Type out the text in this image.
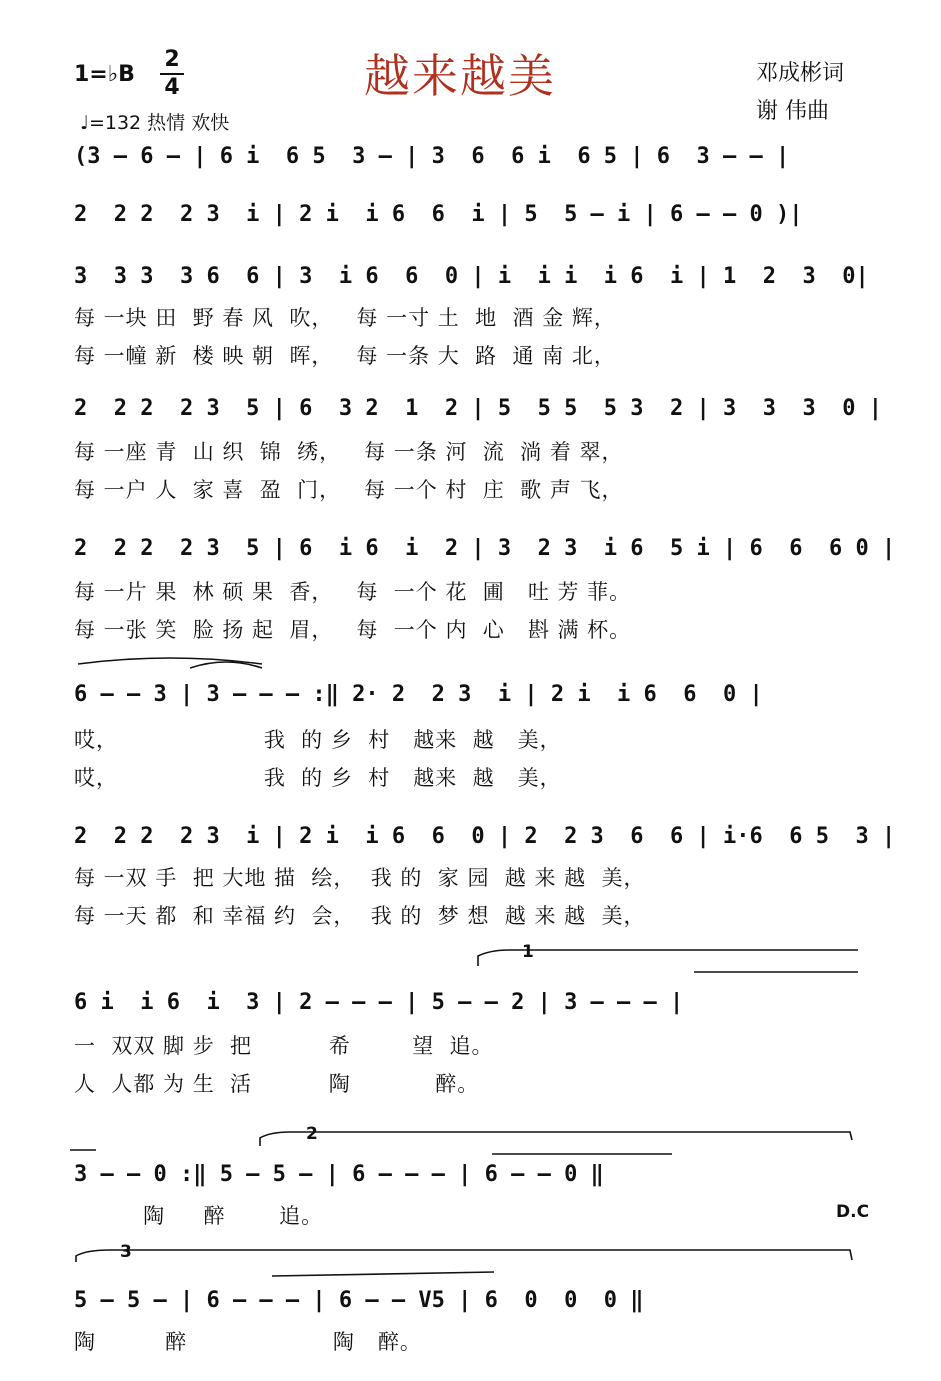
越来越美
1=♭B
2
4
♩=132 热情 欢快
邓成彬词
谢 伟曲
(3 — 6 — | 6 i  6 5  3 — | 3  6  6 i  6 5 | 6  3 — — |
2  2 2  2 3  i | 2 i  i 6  6  i | 5  5 — i | 6 — — 0 )|
3  3 3  3 6  6 | 3  i 6  6  0 | i  i i  i 6  i | 1  2  3  0|
每 一块 田  野 春 风  吹，   每 一寸 土  地  酒 金 辉，
每 一幢 新  楼 映 朝  晖，   每 一条 大  路  通 南 北，
2  2 2  2 3  5 | 6  3 2  1  2 | 5  5 5  5 3  2 | 3  3  3  0 |
每 一座 青  山 织  锦  绣，   每 一条 河  流  淌 着 翠，
每 一户 人  家 喜  盈  门，   每 一个 村  庄  歌 声 飞，
2  2 2  2 3  5 | 6  i 6  i  2 | 3  2 3  i 6  5 i | 6  6  6 0 |
每 一片 果  林 硕 果  香，   每  一个 花  圃   吐 芳 菲。
每 一张 笑  脸 扬 起  眉，   每  一个 内  心   斟 满 杯。
6 — — 3 | 3 — — — :‖ 2· 2  2 3  i | 2 i  i 6  6  0 |
哎，                   我  的 乡  村   越来  越   美，
哎，                   我  的 乡  村   越来  越   美，
2  2 2  2 3  i | 2 i  i 6  6  0 | 2  2 3  6  6 | i·6  6 5  3 |
每 一双 手  把 大地 描  绘，  我 的  家 园  越 来 越  美，
每 一天 都  和 幸福 约  会，  我 的  梦 想  越 来 越  美，
1
6 i  i 6  i  3 | 2 — — — | 5 — — 2 | 3 — — — |
一  双双 脚 步  把          希        望  追。
人  人都 为 生  活          陶           醉。
2
3 — — 0 :‖ 5 — 5 — | 6 — — — | 6 — — 0 ‖
陶     醉       追。	D.C
3
5 — 5 — | 6 — — — | 6 — — V5 | 6  0  0  0 ‖
陶         醉                   陶   醉。
